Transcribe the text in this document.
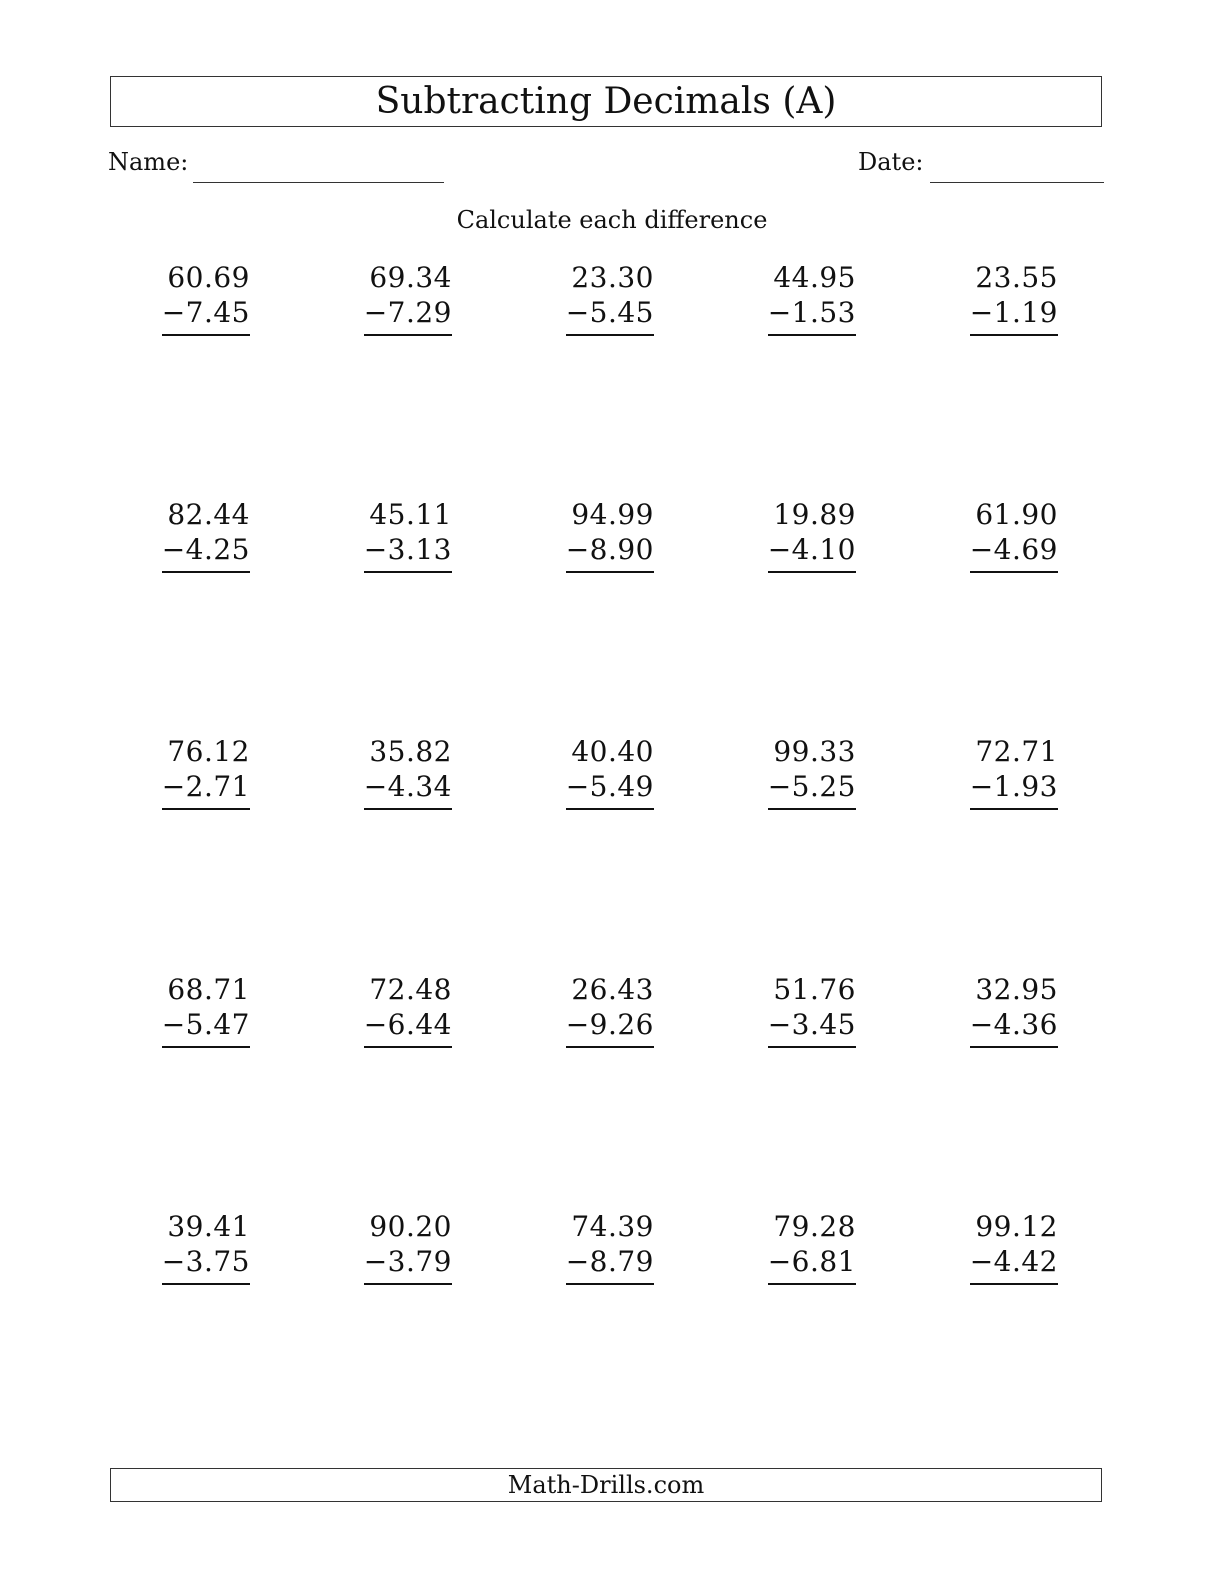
Subtracting Decimals (A)
Name:	Date:
Calculate each difference
60.69
−7.45
69.34
−7.29
23.30
−5.45
44.95
−1.53
23.55
−1.19
82.44
−4.25
45.11
−3.13
94.99
−8.90
19.89
−4.10
61.90
−4.69
76.12
−2.71
35.82
−4.34
40.40
−5.49
99.33
−5.25
72.71
−1.93
68.71
−5.47
72.48
−6.44
26.43
−9.26
51.76
−3.45
32.95
−4.36
39.41
−3.75
90.20
−3.79
74.39
−8.79
79.28
−6.81
99.12
−4.42
Math-Drills.com
